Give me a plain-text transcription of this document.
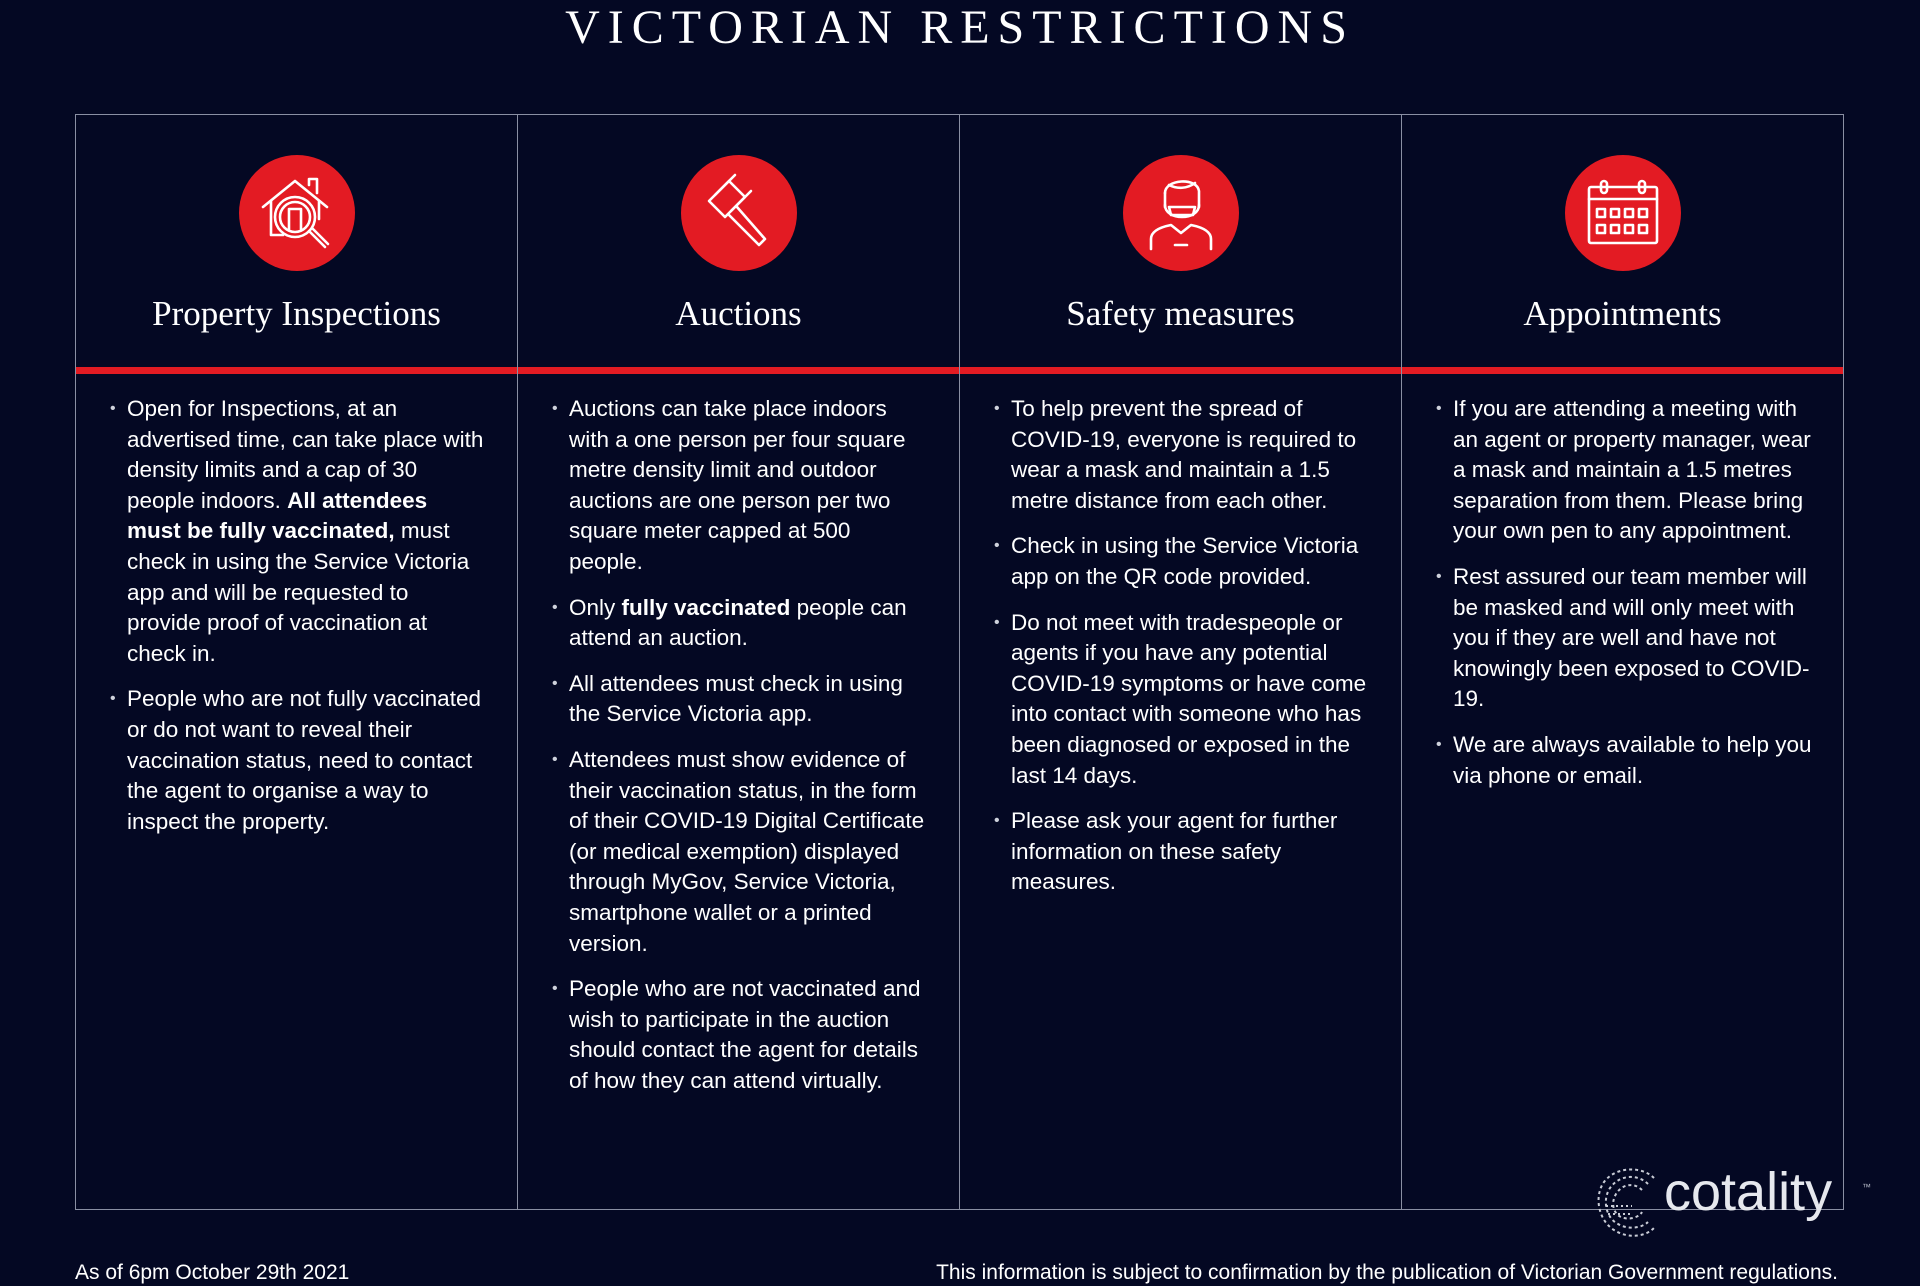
VICTORIAN RESTRICTIONS
Property Inspections
• Open for Inspections, at an advertised time, can take place with density limits and a cap of 30 people indoors. All attendees must be fully vaccinated, must check in using the Service Victoria app and will be requested to provide proof of vaccination at check in.
• People who are not fully vaccinated or do not want to reveal their vaccination status, need to contact the agent to organise a way to inspect the property.
Auctions
• Auctions can take place indoors with a one person per four square metre density limit and outdoor auctions are one person per two square meter capped at 500 people.
• Only fully vaccinated people can attend an auction.
• All attendees must check in using the Service Victoria app.
• Attendees must show evidence of their vaccination status, in the form of their COVID-19 Digital Certificate (or medical exemption) displayed through MyGov, Service Victoria, smartphone wallet or a printed version.
• People who are not vaccinated and wish to participate in the auction should contact the agent for details of how they can attend virtually.
Safety measures
• To help prevent the spread of COVID-19, everyone is required to wear a mask and maintain a 1.5 metre distance from each other.
• Check in using the Service Victoria app on the QR code provided.
• Do not meet with tradespeople or agents if you have any potential COVID-19 symptoms or have come into contact with someone who has been diagnosed or exposed in the last 14 days.
• Please ask your agent for further information on these safety measures.
Appointments
• If you are attending a meeting with an agent or property manager, wear a mask and maintain a 1.5 metres separation from them. Please bring your own pen to any appointment.
• Rest assured our team member will be masked and will only meet with you if they are well and have not knowingly been exposed to COVID-19.
• We are always available to help you via phone or email.
cotality	™
As of 6pm October 29th 2021	This information is subject to confirmation by the publication of Victorian Government regulations.
